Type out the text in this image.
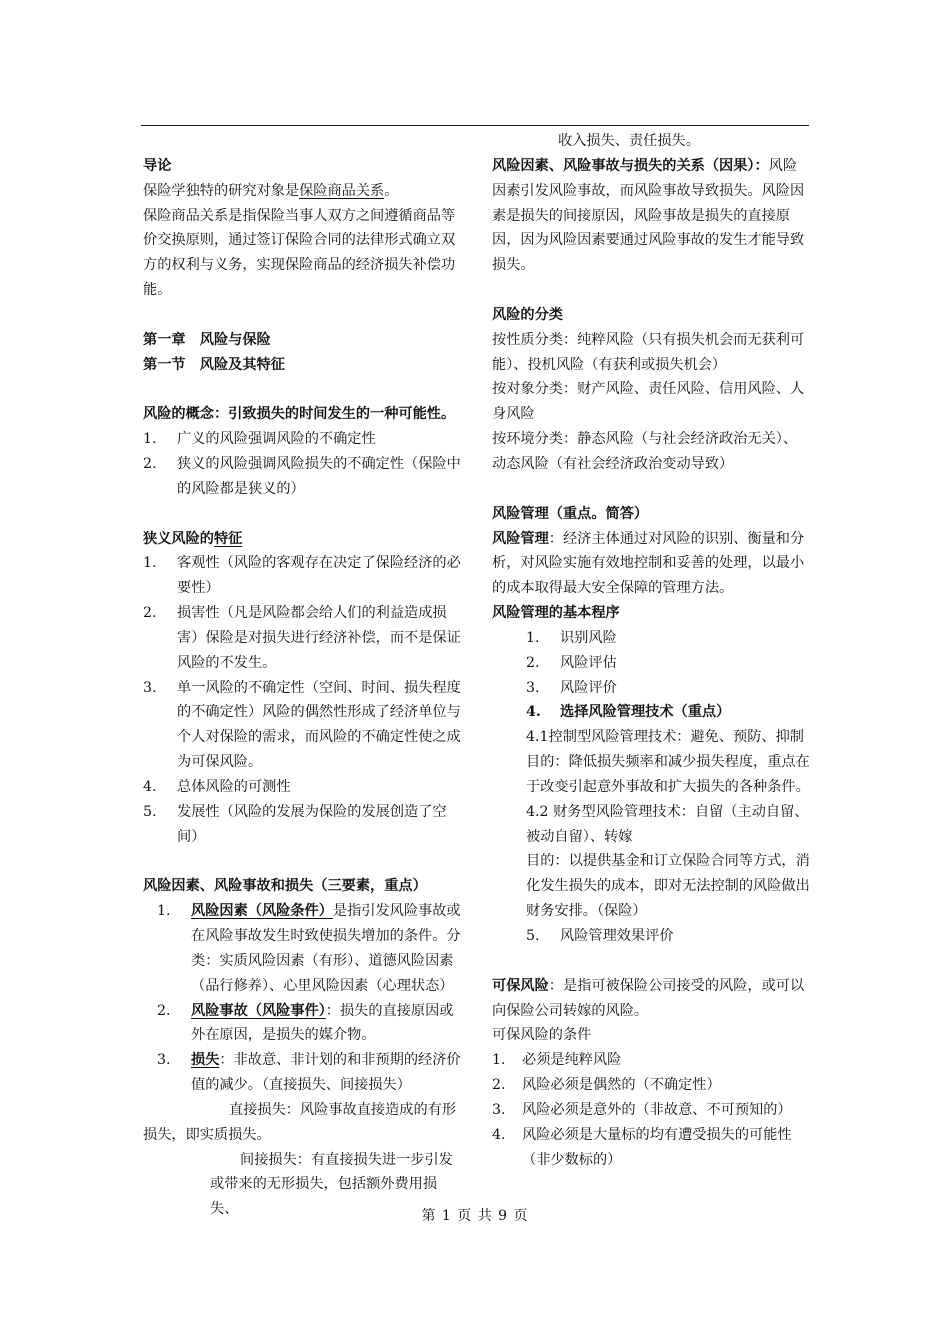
导论

保险学独特的研究对象是保险商品关系。

保险商品关系是指保险当事人双方之间遵循商品等价交换原则，通过签订保险合同的法律形式确立双方的权利与义务，实现保险商品的经济损失补偿功能。

第一章　风险与保险

第一节　风险及其特征

风险的概念：引致损失的时间发生的一种可能性。

1.	广义的风险强调风险的不确定性
2.	狭义的风险强调风险损失的不确定性（保险中的风险都是狭义的）

狭义风险的特征

1.	客观性（风险的客观存在决定了保险经济的必要性）
2.	损害性（凡是风险都会给人们的利益造成损害）保险是对损失进行经济补偿，而不是保证风险的不发生。
3.	单一风险的不确定性（空间、时间、损失程度的不确定性）风险的偶然性形成了经济单位与个人对保险的需求，而风险的不确定性使之成为可保风险。
4.	总体风险的可测性
5.	发展性（风险的发展为保险的发展创造了空间）

风险因素、风险事故和损失（三要素，重点）

1.	风险因素（风险条件）是指引发风险事故或在风险事故发生时致使损失增加的条件。分类：实质风险因素（有形）、道德风险因素（品行修养）、心里风险因素（心理状态）
2.	风险事故（风险事件）：损失的直接原因或外在原因，是损失的媒介物。
3.	损失：非故意、非计划的和非预期的经济价值的减少。（直接损失、间接损失）

直接损失：风险事故直接造成的有形损失，即实质损失。

间接损失：有直接损失进一步引发或带来的无形损失，包括额外费用损失、

收入损失、责任损失。

风险因素、风险事故与损失的关系（因果）：风险因素引发风险事故，而风险事故导致损失。风险因素是损失的间接原因，风险事故是损失的直接原因，因为风险因素要通过风险事故的发生才能导致损失。

风险的分类

按性质分类：纯粹风险（只有损失机会而无获利可能）、投机风险（有获利或损失机会）

按对象分类：财产风险、责任风险、信用风险、人身风险

按环境分类：静态风险（与社会经济政治无关）、动态风险（有社会经济政治变动导致）

风险管理（重点。简答）

风险管理：经济主体通过对风险的识别、衡量和分析，对风险实施有效地控制和妥善的处理，以最小的成本取得最大安全保障的管理方法。

风险管理的基本程序

1.	识别风险
2.	风险评估
3.	风险评价
4.	选择风险管理技术（重点）

4.1控制型风险管理技术：避免、预防、抑制目的：降低损失频率和减少损失程度，重点在于改变引起意外事故和扩大损失的各种条件。

4.2 财务型风险管理技术：自留（主动自留、被动自留）、转嫁

目的：以提供基金和订立保险合同等方式，消化发生损失的成本，即对无法控制的风险做出财务安排。（保险）

5.	风险管理效果评价

可保风险：是指可被保险公司接受的风险，或可以向保险公司转嫁的风险。

可保风险的条件

1.	必须是纯粹风险
2.	风险必须是偶然的（不确定性）
3.	风险必须是意外的（非故意、不可预知的）
4.	风险必须是大量标的均有遭受损失的可能性（非少数标的）
第 1 页 共 9 页
